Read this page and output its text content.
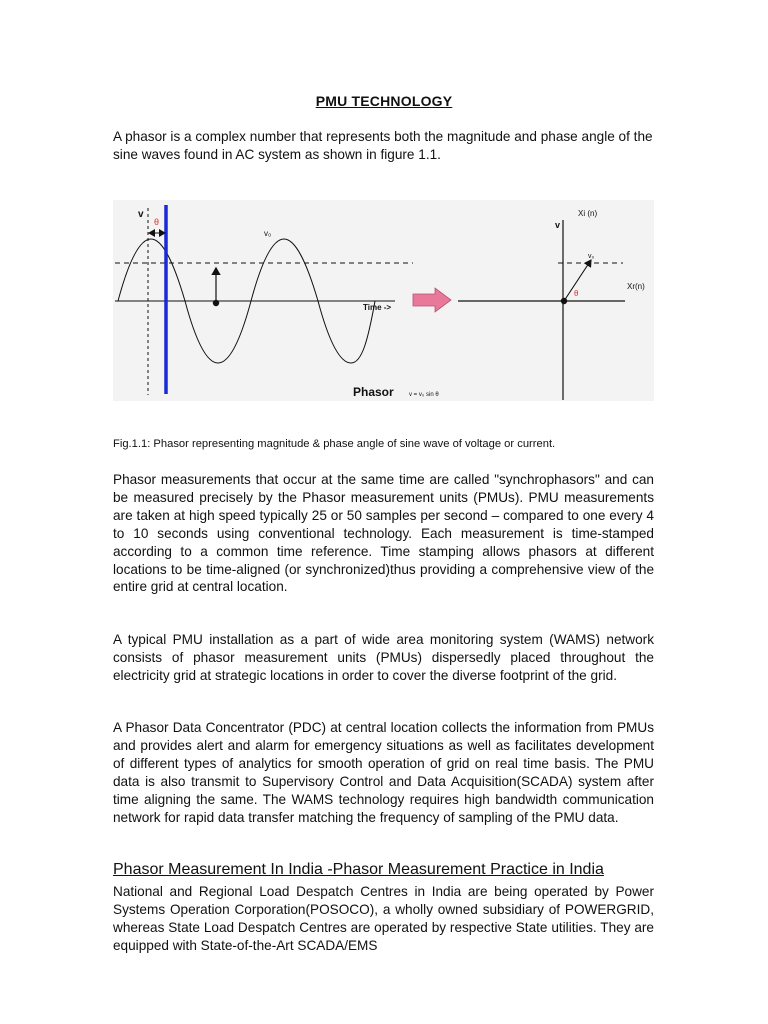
PMU TECHNOLOGY

A phasor is a complex number that represents both the magnitude and phase angle of the sine waves found in AC system as shown in figure 1.1.

θ
v
v₀
Time ->
v
Xi (n)
Xr(n)
v₀
θ
Phasor	v = v₀ sin θ
Fig.1.1: Phasor representing magnitude & phase angle of sine wave of voltage or current.

Phasor measurements that occur at the same time are called "synchrophasors" and can be measured precisely by the Phasor measurement units (PMUs). PMU measurements are taken at high speed typically 25 or 50 samples per second – compared to one every 4 to 10 seconds using conventional technology. Each measurement is time-stamped according to a common time reference. Time stamping allows phasors at different locations to be time-aligned (or synchronized)thus providing a comprehensive view of the entire grid at central location.

A typical PMU installation as a part of wide area monitoring system (WAMS) network consists of phasor measurement units (PMUs) dispersedly placed throughout the electricity grid at strategic locations in order to cover the diverse footprint of the grid.

A Phasor Data Concentrator (PDC) at central location collects the information from PMUs and provides alert and alarm for emergency situations as well as facilitates development of different types of analytics for smooth operation of grid on real time basis. The PMU data is also transmit to Supervisory Control and Data Acquisition(SCADA) system after time aligning the same. The WAMS technology requires high bandwidth communication network for rapid data transfer matching the frequency of sampling of the PMU data.

Phasor Measurement In India -Phasor Measurement Practice in India

National and Regional Load Despatch Centres in India are being operated by Power Systems Operation Corporation(POSOCO), a wholly owned subsidiary of POWERGRID, whereas State Load Despatch Centres are operated by respective State utilities. They are equipped with State-of-the-Art SCADA/EMS
